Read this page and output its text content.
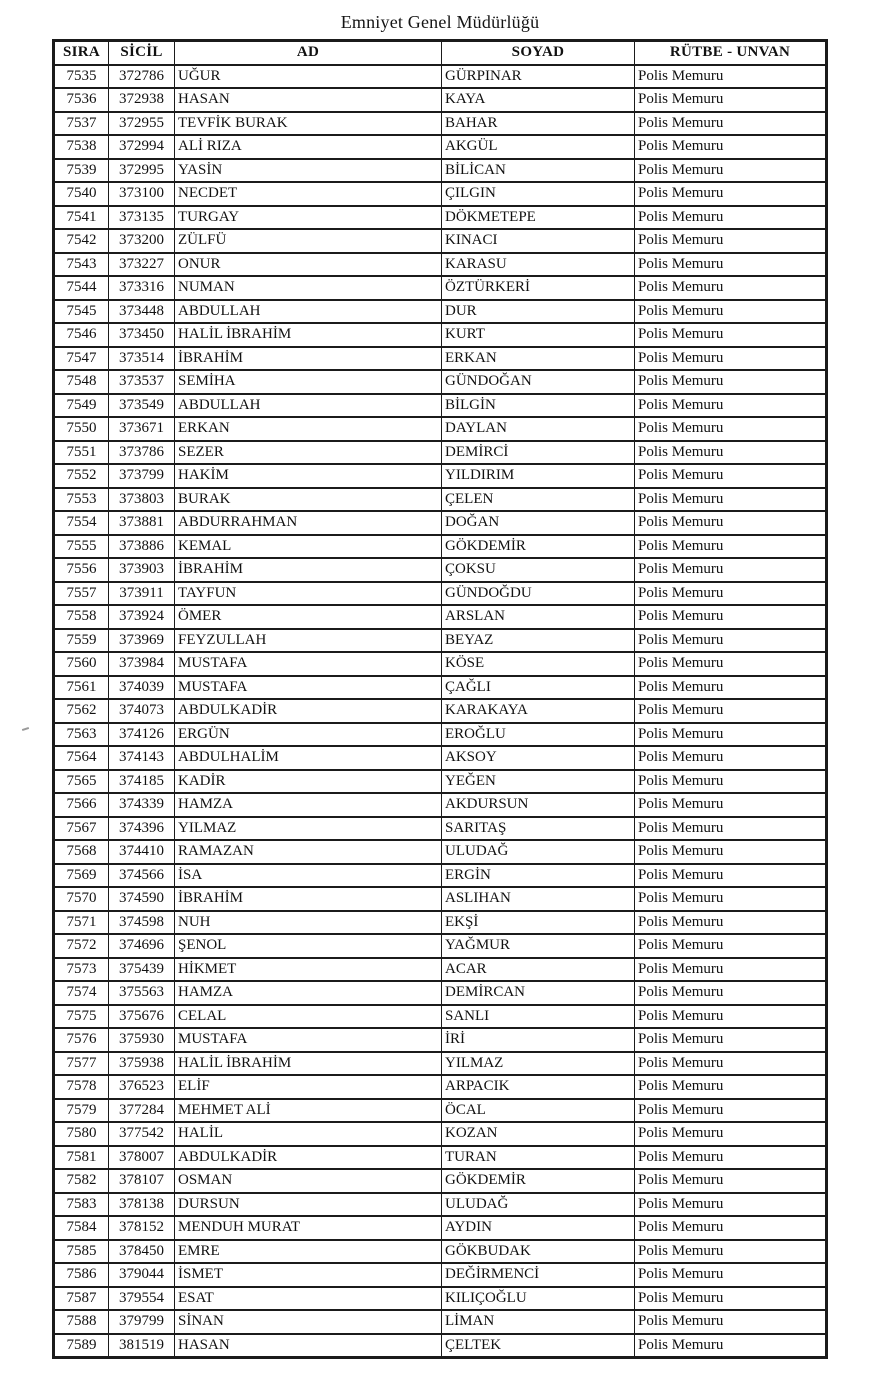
Emniyet Genel Müdürlüğü
SIRA	SİCİL	AD	SOYAD	RÜTBE - UNVAN
7535	372786	UĞUR	GÜRPINAR	Polis Memuru
7536	372938	HASAN	KAYA	Polis Memuru
7537	372955	TEVFİK BURAK	BAHAR	Polis Memuru
7538	372994	ALİ RIZA	AKGÜL	Polis Memuru
7539	372995	YASİN	BİLİCAN	Polis Memuru
7540	373100	NECDET	ÇILGIN	Polis Memuru
7541	373135	TURGAY	DÖKMETEPE	Polis Memuru
7542	373200	ZÜLFÜ	KINACI	Polis Memuru
7543	373227	ONUR	KARASU	Polis Memuru
7544	373316	NUMAN	ÖZTÜRKERİ	Polis Memuru
7545	373448	ABDULLAH	DUR	Polis Memuru
7546	373450	HALİL İBRAHİM	KURT	Polis Memuru
7547	373514	İBRAHİM	ERKAN	Polis Memuru
7548	373537	SEMİHA	GÜNDOĞAN	Polis Memuru
7549	373549	ABDULLAH	BİLGİN	Polis Memuru
7550	373671	ERKAN	DAYLAN	Polis Memuru
7551	373786	SEZER	DEMİRCİ	Polis Memuru
7552	373799	HAKİM	YILDIRIM	Polis Memuru
7553	373803	BURAK	ÇELEN	Polis Memuru
7554	373881	ABDURRAHMAN	DOĞAN	Polis Memuru
7555	373886	KEMAL	GÖKDEMİR	Polis Memuru
7556	373903	İBRAHİM	ÇOKSU	Polis Memuru
7557	373911	TAYFUN	GÜNDOĞDU	Polis Memuru
7558	373924	ÖMER	ARSLAN	Polis Memuru
7559	373969	FEYZULLAH	BEYAZ	Polis Memuru
7560	373984	MUSTAFA	KÖSE	Polis Memuru
7561	374039	MUSTAFA	ÇAĞLI	Polis Memuru
7562	374073	ABDULKADİR	KARAKAYA	Polis Memuru
7563	374126	ERGÜN	EROĞLU	Polis Memuru
7564	374143	ABDULHALİM	AKSOY	Polis Memuru
7565	374185	KADİR	YEĞEN	Polis Memuru
7566	374339	HAMZA	AKDURSUN	Polis Memuru
7567	374396	YILMAZ	SARITAŞ	Polis Memuru
7568	374410	RAMAZAN	ULUDAĞ	Polis Memuru
7569	374566	İSA	ERGİN	Polis Memuru
7570	374590	İBRAHİM	ASLIHAN	Polis Memuru
7571	374598	NUH	EKŞİ	Polis Memuru
7572	374696	ŞENOL	YAĞMUR	Polis Memuru
7573	375439	HİKMET	ACAR	Polis Memuru
7574	375563	HAMZA	DEMİRCAN	Polis Memuru
7575	375676	CELAL	SANLI	Polis Memuru
7576	375930	MUSTAFA	İRİ	Polis Memuru
7577	375938	HALİL İBRAHİM	YILMAZ	Polis Memuru
7578	376523	ELİF	ARPACIK	Polis Memuru
7579	377284	MEHMET ALİ	ÖCAL	Polis Memuru
7580	377542	HALİL	KOZAN	Polis Memuru
7581	378007	ABDULKADİR	TURAN	Polis Memuru
7582	378107	OSMAN	GÖKDEMİR	Polis Memuru
7583	378138	DURSUN	ULUDAĞ	Polis Memuru
7584	378152	MENDUH MURAT	AYDIN	Polis Memuru
7585	378450	EMRE	GÖKBUDAK	Polis Memuru
7586	379044	İSMET	DEĞİRMENCİ	Polis Memuru
7587	379554	ESAT	KILIÇOĞLU	Polis Memuru
7588	379799	SİNAN	LİMAN	Polis Memuru
7589	381519	HASAN	ÇELTEK	Polis Memuru
